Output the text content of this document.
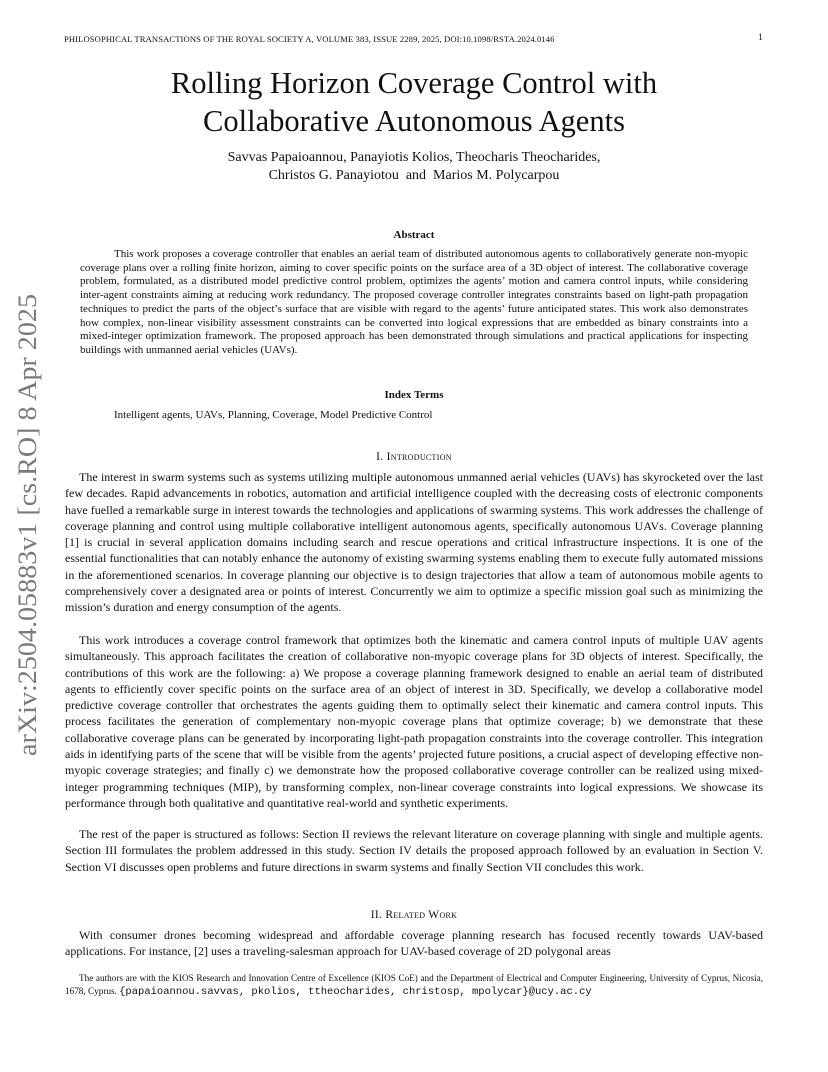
PHILOSOPHICAL TRANSACTIONS OF THE ROYAL SOCIETY A, VOLUME 383, ISSUE 2289, 2025, DOI:10.1098/RSTA.2024.0146	1
arXiv:2504.05883v1 [cs.RO] 8 Apr 2025
Rolling Horizon Coverage Control with
Collaborative Autonomous Agents

Savvas Papaioannou, Panayiotis Kolios, Theocharis Theocharides,
Christos G. Panayiotou  and  Marios M. Polycarpou

Abstract

This work proposes a coverage controller that enables an aerial team of distributed autonomous agents to collaboratively generate non-myopic coverage plans over a rolling finite horizon, aiming to cover specific points on the surface area of a 3D object of interest. The collaborative coverage problem, formulated, as a distributed model predictive control problem, optimizes the agents’ motion and camera control inputs, while considering inter-agent constraints aiming at reducing work redundancy. The proposed coverage controller integrates constraints based on light-path propagation techniques to predict the parts of the object’s surface that are visible with regard to the agents’ future anticipated states. This work also demonstrates how complex, non-linear visibility assessment constraints can be converted into logical expressions that are embedded as binary constraints into a mixed-integer optimization framework. The proposed approach has been demonstrated through simulations and practical applications for inspecting buildings with unmanned aerial vehicles (UAVs).

Index Terms

Intelligent agents, UAVs, Planning, Coverage, Model Predictive Control

I. Introduction

The interest in swarm systems such as systems utilizing multiple autonomous unmanned aerial vehicles (UAVs) has skyrocketed over the last few decades. Rapid advancements in robotics, automation and artificial intelligence coupled with the decreasing costs of electronic components have fuelled a remarkable surge in interest towards the technologies and applications of swarming systems. This work addresses the challenge of coverage planning and control using multiple collaborative intelligent autonomous agents, specifically autonomous UAVs. Coverage planning [1] is crucial in several application domains including search and rescue operations and critical infrastructure inspections. It is one of the essential functionalities that can notably enhance the autonomy of existing swarming systems enabling them to execute fully automated missions in the aforementioned scenarios. In coverage planning our objective is to design trajectories that allow a team of autonomous mobile agents to comprehensively cover a designated area or points of interest. Concurrently we aim to optimize a specific mission goal such as minimizing the mission’s duration and energy consumption of the agents.

This work introduces a coverage control framework that optimizes both the kinematic and camera control inputs of multiple UAV agents simultaneously. This approach facilitates the creation of collaborative non-myopic coverage plans for 3D objects of interest. Specifically, the contributions of this work are the following: a) We propose a coverage planning framework designed to enable an aerial team of distributed agents to efficiently cover specific points on the surface area of an object of interest in 3D. Specifically, we develop a collaborative model predictive coverage controller that orchestrates the agents guiding them to optimally select their kinematic and camera control inputs. This process facilitates the generation of complementary non-myopic coverage plans that optimize coverage; b) we demonstrate that these collaborative coverage plans can be generated by incorporating light-path propagation constraints into the coverage controller. This integration aids in identifying parts of the scene that will be visible from the agents’ projected future positions, a crucial aspect of developing effective non-myopic coverage strategies; and finally c) we demonstrate how the proposed collaborative coverage controller can be realized using mixed-integer programming techniques (MIP), by transforming complex, non-linear coverage constraints into logical expressions. We showcase its performance through both qualitative and quantitative real-world and synthetic experiments.

The rest of the paper is structured as follows: Section II reviews the relevant literature on coverage planning with single and multiple agents. Section III formulates the problem addressed in this study. Section IV details the proposed approach followed by an evaluation in Section V. Section VI discusses open problems and future directions in swarm systems and finally Section VII concludes this work.

II. Related Work

With consumer drones becoming widespread and affordable coverage planning research has focused recently towards UAV-based applications. For instance, [2] uses a traveling-salesman approach for UAV-based coverage of 2D polygonal areas

The authors are with the KIOS Research and Innovation Centre of Excellence (KIOS CoE) and the Department of Electrical and Computer Engineering, University of Cyprus, Nicosia, 1678, Cyprus. {papaioannou.savvas, pkolios, ttheocharides, christosp, mpolycar}@ucy.ac.cy
